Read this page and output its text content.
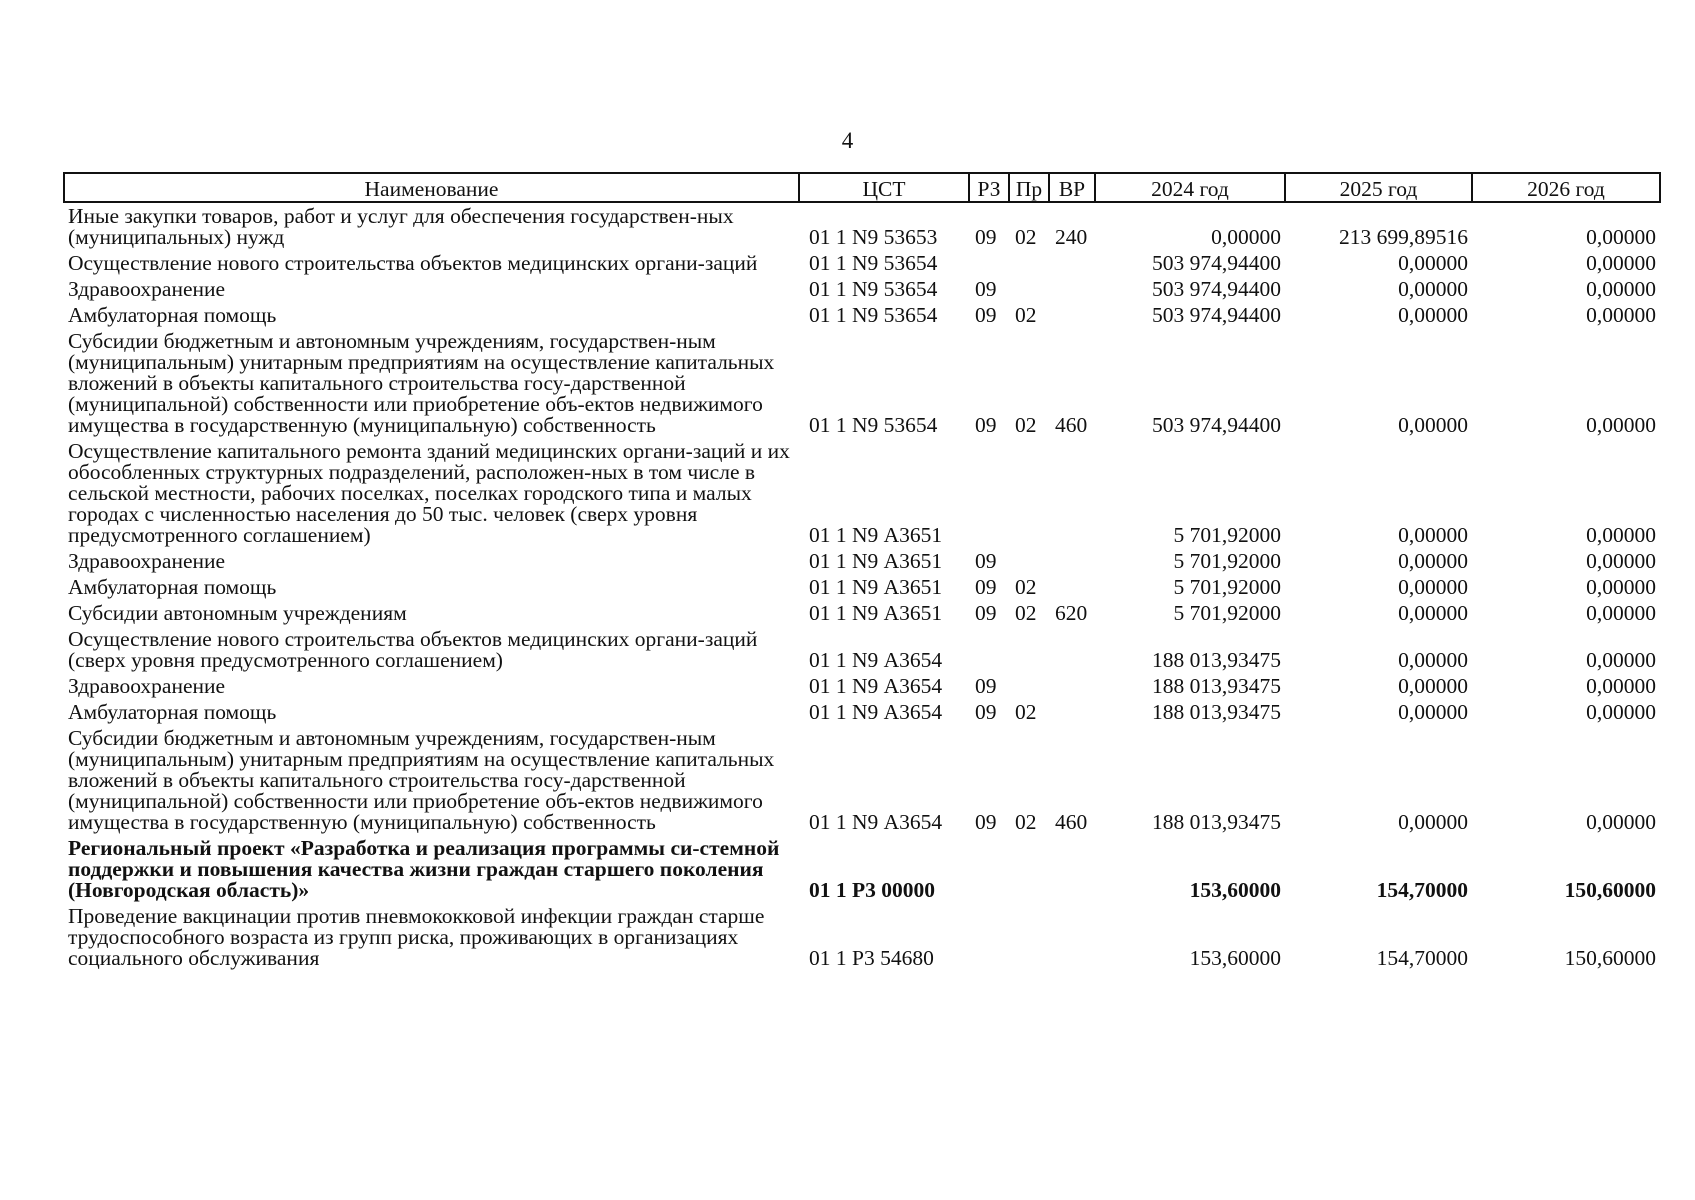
4
Наименование	ЦСТ	РЗ	Пр	ВР	2024 год	2025 год	2026 год
Иные закупки товаров, работ и услуг для обеспечения государствен-ных (муниципальных) нужд	01 1 N9 53653	09	02	240	0,00000	213 699,89516	0,00000
Осуществление нового строительства объектов медицинских органи-заций	01 1 N9 53654				503 974,94400	0,00000	0,00000
Здравоохранение	01 1 N9 53654	09			503 974,94400	0,00000	0,00000
Амбулаторная помощь	01 1 N9 53654	09	02		503 974,94400	0,00000	0,00000
Субсидии бюджетным и автономным учреждениям, государствен-ным (муниципальным) унитарным предприятиям на осуществление капитальных вложений в объекты капитального строительства госу-дарственной (муниципальной) собственности или приобретение объ-ектов недвижимого имущества в государственную (муниципальную) собственность	01 1 N9 53654	09	02	460	503 974,94400	0,00000	0,00000
Осуществление капитального ремонта зданий медицинских органи-заций и их обособленных структурных подразделений, расположен-ных в том числе в сельской местности, рабочих поселках, поселках городского типа и малых городах с численностью населения до 50 тыс. человек (сверх уровня предусмотренного соглашением)	01 1 N9 А3651				5 701,92000	0,00000	0,00000
Здравоохранение	01 1 N9 А3651	09			5 701,92000	0,00000	0,00000
Амбулаторная помощь	01 1 N9 А3651	09	02		5 701,92000	0,00000	0,00000
Субсидии автономным учреждениям	01 1 N9 А3651	09	02	620	5 701,92000	0,00000	0,00000
Осуществление нового строительства объектов медицинских органи-заций (сверх уровня предусмотренного соглашением)	01 1 N9 А3654				188 013,93475	0,00000	0,00000
Здравоохранение	01 1 N9 А3654	09			188 013,93475	0,00000	0,00000
Амбулаторная помощь	01 1 N9 А3654	09	02		188 013,93475	0,00000	0,00000
Субсидии бюджетным и автономным учреждениям, государствен-ным (муниципальным) унитарным предприятиям на осуществление капитальных вложений в объекты капитального строительства госу-дарственной (муниципальной) собственности или приобретение объ-ектов недвижимого имущества в государственную (муниципальную) собственность	01 1 N9 А3654	09	02	460	188 013,93475	0,00000	0,00000
Региональный проект «Разработка и реализация программы си-стемной поддержки и повышения качества жизни граждан старшего поколения (Новгородская область)»	01 1 Р3 00000				153,60000	154,70000	150,60000
Проведение вакцинации против пневмококковой инфекции граждан старше трудоспособного возраста из групп риска, проживающих в организациях социального обслуживания	01 1 Р3 54680				153,60000	154,70000	150,60000
